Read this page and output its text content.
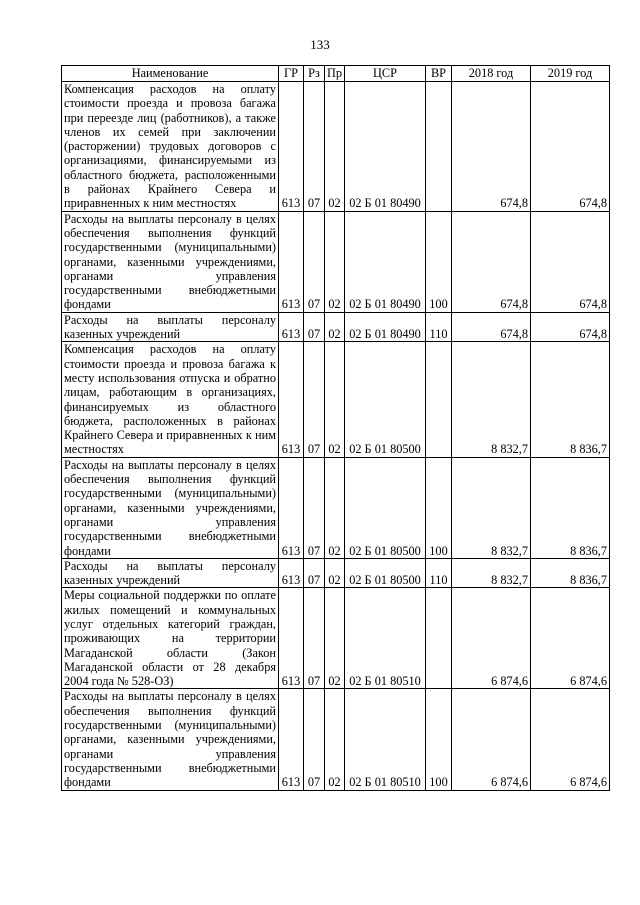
133
Наименование	ГР	Рз	Пр	ЦСР	ВР	2018 год	2019 год
Компенсация расходов на оплату стоимости проезда и провоза багажа при переезде лиц (работников), а также членов их семей при заключении (расторжении) трудовых договоров с организациями, финансируемыми из областного бюджета, расположенными в районах Крайнего Севера и приравненных к ним местностях	613	07	02	02 Б 01 80490		674,8	674,8
Расходы на выплаты персоналу в целях обеспечения выполнения функций государственными (муниципальными) органами, казенными учреждениями, органами управления государственными внебюджетными фондами	613	07	02	02 Б 01 80490	100	674,8	674,8
Расходы на выплаты персоналу казенных учреждений	613	07	02	02 Б 01 80490	110	674,8	674,8
Компенсация расходов на оплату стоимости проезда и провоза багажа к месту использования отпуска и обратно лицам, работающим в организациях, финансируемых из областного бюджета, расположенных в районах Крайнего Севера и приравненных к ним местностях	613	07	02	02 Б 01 80500		8 832,7	8 836,7
Расходы на выплаты персоналу в целях обеспечения выполнения функций государственными (муниципальными) органами, казенными учреждениями, органами управления государственными внебюджетными фондами	613	07	02	02 Б 01 80500	100	8 832,7	8 836,7
Расходы на выплаты персоналу казенных учреждений	613	07	02	02 Б 01 80500	110	8 832,7	8 836,7
Меры социальной поддержки по оплате жилых помещений и коммунальных услуг отдельных категорий граждан, проживающих на территории Магаданской области (Закон Магаданской области от 28 декабря 2004 года № 528-ОЗ)	613	07	02	02 Б 01 80510		6 874,6	6 874,6
Расходы на выплаты персоналу в целях обеспечения выполнения функций государственными (муниципальными) органами, казенными учреждениями, органами управления государственными внебюджетными фондами	613	07	02	02 Б 01 80510	100	6 874,6	6 874,6
